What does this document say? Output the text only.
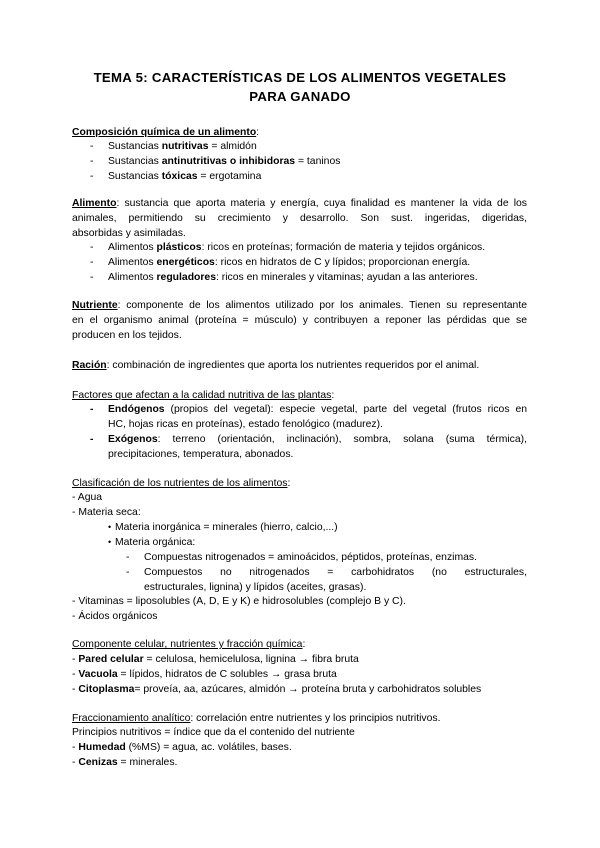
TEMA 5: CARACTERÍSTICAS DE LOS ALIMENTOS VEGETALES
PARA GANADO
Composición química de un alimento:
- Sustancias nutritivas = almidón
- Sustancias antinutritivas o inhibidoras = taninos
- Sustancias tóxicas = ergotamina
Alimento: sustancia que aporta materia y energía, cuya finalidad es mantener la vida de los
animales, permitiendo su crecimiento y desarrollo. Son sust. ingeridas, digeridas,
absorbidas y asimiladas.
- Alimentos plásticos: ricos en proteínas; formación de materia y tejidos orgánicos.
- Alimentos energéticos: ricos en hidratos de C y lípidos; proporcionan energía.
- Alimentos reguladores: ricos en minerales y vitaminas; ayudan a las anteriores.
Nutriente: componente de los alimentos utilizado por los animales. Tienen su representante
en el organismo animal (proteína = músculo) y contribuyen a reponer las pérdidas que se
producen en los tejidos.
Ración: combinación de ingredientes que aporta los nutrientes requeridos por el animal.
Factores que afectan a la calidad nutritiva de las plantas:
- Endógenos (propios del vegetal): especie vegetal, parte del vegetal (frutos ricos en
HC, hojas ricas en proteínas), estado fenológico (madurez).
- Exógenos: terreno (orientación, inclinación), sombra, solana (suma térmica),
precipitaciones, temperatura, abonados.
Clasificación de los nutrientes de los alimentos:
- Agua
- Materia seca:
• Materia inorgánica = minerales (hierro, calcio,...)
• Materia orgánica:
- Compuestas nitrogenados = aminoácidos, péptidos, proteínas, enzimas.
- Compuestos no nitrogenados = carbohidratos (no estructurales,
estructurales, lignina) y lípidos (aceites, grasas).
- Vitaminas = liposolubles (A, D, E y K) e hidrosolubles (complejo B y C).
- Ácidos orgánicos
Componente celular, nutrientes y fracción química:
- Pared celular = celulosa, hemicelulosa, lignina → fibra bruta
- Vacuola = lípidos, hidratos de C solubles → grasa bruta
- Citoplasma= proveía, aa, azúcares, almidón → proteína bruta y carbohidratos solubles
Fraccionamiento analítico: correlación entre nutrientes y los principios nutritivos.
Principios nutritivos = índice que da el contenido del nutriente
- Humedad (%MS) = agua, ac. volátiles, bases.
- Cenizas = minerales.
